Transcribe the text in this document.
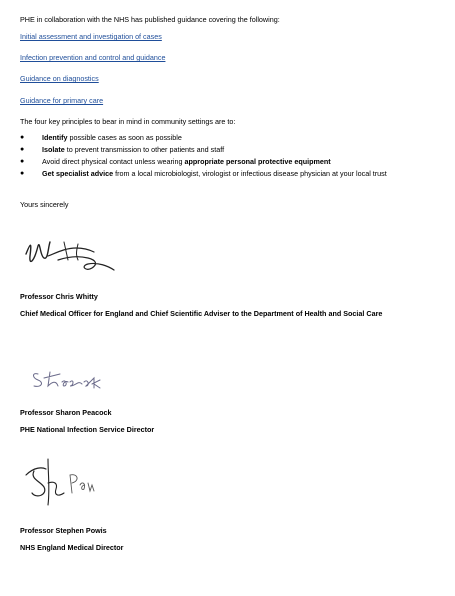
PHE in collaboration with the NHS has published guidance covering the following:
Initial assessment and investigation of cases
Infection prevention and control and guidance
Guidance on diagnostics
Guidance for primary care
The four key principles to bear in mind in community settings are to:
● Identify possible cases as soon as possible
● Isolate to prevent transmission to other patients and staff
● Avoid direct physical contact unless wearing appropriate personal protective equipment
● Get specialist advice from a local microbiologist, virologist or infectious disease physician at your local trust
Yours sincerely
Professor Chris Whitty
Chief Medical Officer for England and Chief Scientific Adviser to the Department of Health and Social Care
Professor Sharon Peacock
PHE National Infection Service Director
Professor Stephen Powis
NHS England Medical Director
